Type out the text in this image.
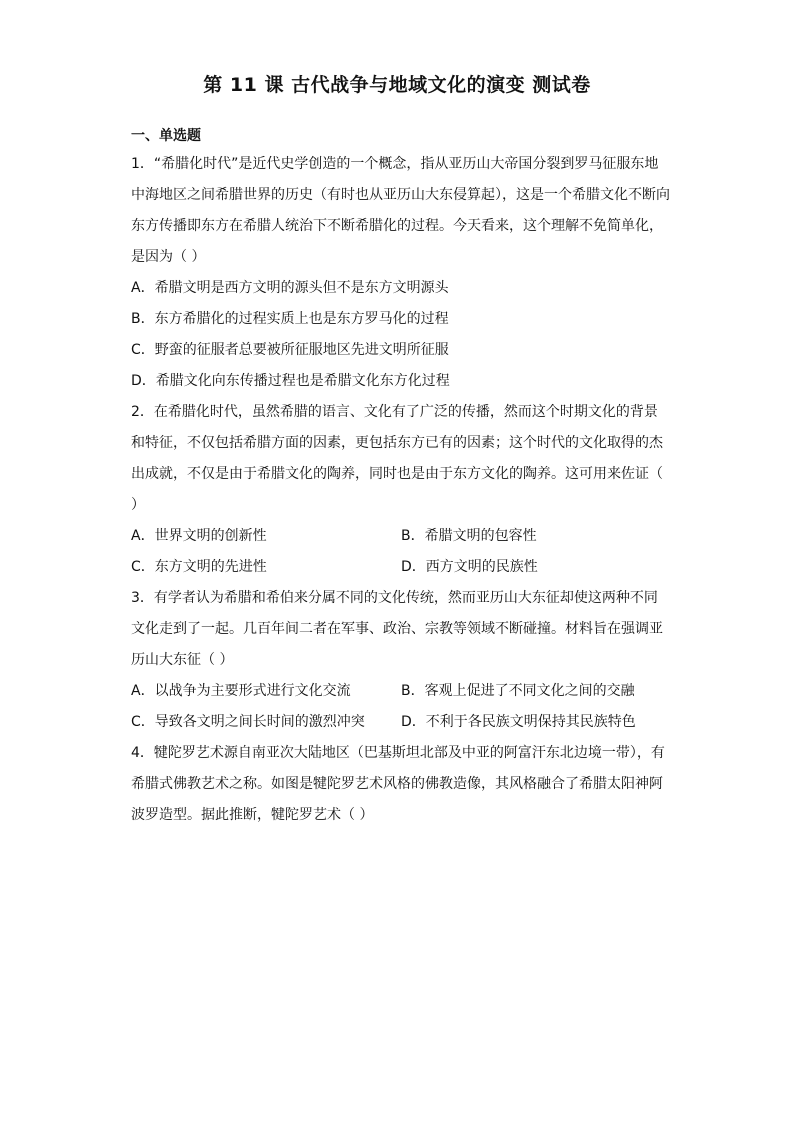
第 11 课 古代战争与地域文化的演变 测试卷
一、单选题

1．“希腊化时代”是近代史学创造的一个概念，指从亚历山大帝国分裂到罗马征服东地中海地区之间希腊世界的历史（有时也从亚历山大东侵算起），这是一个希腊文化不断向东方传播即东方在希腊人统治下不断希腊化的过程。今天看来，这个理解不免简单化，是因为（ ）

A．希腊文明是西方文明的源头但不是东方文明源头

B．东方希腊化的过程实质上也是东方罗马化的过程

C．野蛮的征服者总要被所征服地区先进文明所征服

D．希腊文化向东传播过程也是希腊文化东方化过程

2．在希腊化时代，虽然希腊的语言、文化有了广泛的传播，然而这个时期文化的背景和特征，不仅包括希腊方面的因素，更包括东方已有的因素；这个时代的文化取得的杰出成就，不仅是由于希腊文化的陶养，同时也是由于东方文化的陶养。这可用来佐证（ ）

A．世界文明的创新性	B．希腊文明的包容性
C．东方文明的先进性	D．西方文明的民族性

3．有学者认为希腊和希伯来分属不同的文化传统，然而亚历山大东征却使这两种不同文化走到了一起。几百年间二者在军事、政治、宗教等领域不断碰撞。材料旨在强调亚历山大东征（ ）

A．以战争为主要形式进行文化交流	B．客观上促进了不同文化之间的交融
C．导致各文明之间长时间的激烈冲突	D．不利于各民族文明保持其民族特色

4．犍陀罗艺术源自南亚次大陆地区（巴基斯坦北部及中亚的阿富汗东北边境一带），有希腊式佛教艺术之称。如图是犍陀罗艺术风格的佛教造像，其风格融合了希腊太阳神阿波罗造型。据此推断，犍陀罗艺术（ ）
